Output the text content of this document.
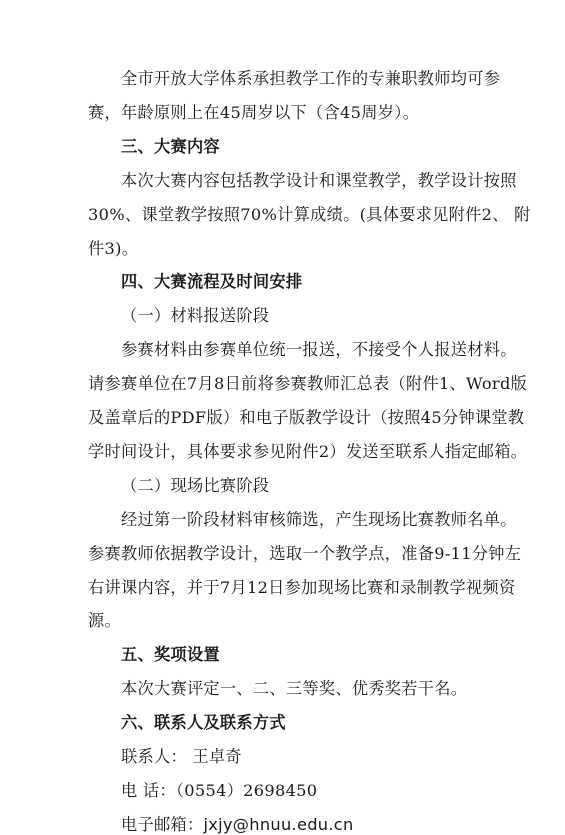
全市开放大学体系承担教学工作的专兼职教师均可参
赛，年龄原则上在45周岁以下（含45周岁）。
三、大赛内容
本次大赛内容包括教学设计和课堂教学，教学设计按照
30%、课堂教学按照70%计算成绩。(具体要求见附件2、 附
件3)。
四、大赛流程及时间安排
（一）材料报送阶段
参赛材料由参赛单位统一报送，不接受个人报送材料。
请参赛单位在7月8日前将参赛教师汇总表（附件1、Word版
及盖章后的PDF版）和电子版教学设计（按照45分钟课堂教
学时间设计，具体要求参见附件2）发送至联系人指定邮箱。
（二）现场比赛阶段
经过第一阶段材料审核筛选，产生现场比赛教师名单。
参赛教师依据教学设计，选取一个教学点，准备9-11分钟左
右讲课内容，并于7月12日参加现场比赛和录制教学视频资
源。
五、奖项设置
本次大赛评定一、二、三等奖、优秀奖若干名。
六、联系人及联系方式
联系人： 王卓奇
电 话：（0554）2698450
电子邮箱：jxjy@hnuu.edu.cn
